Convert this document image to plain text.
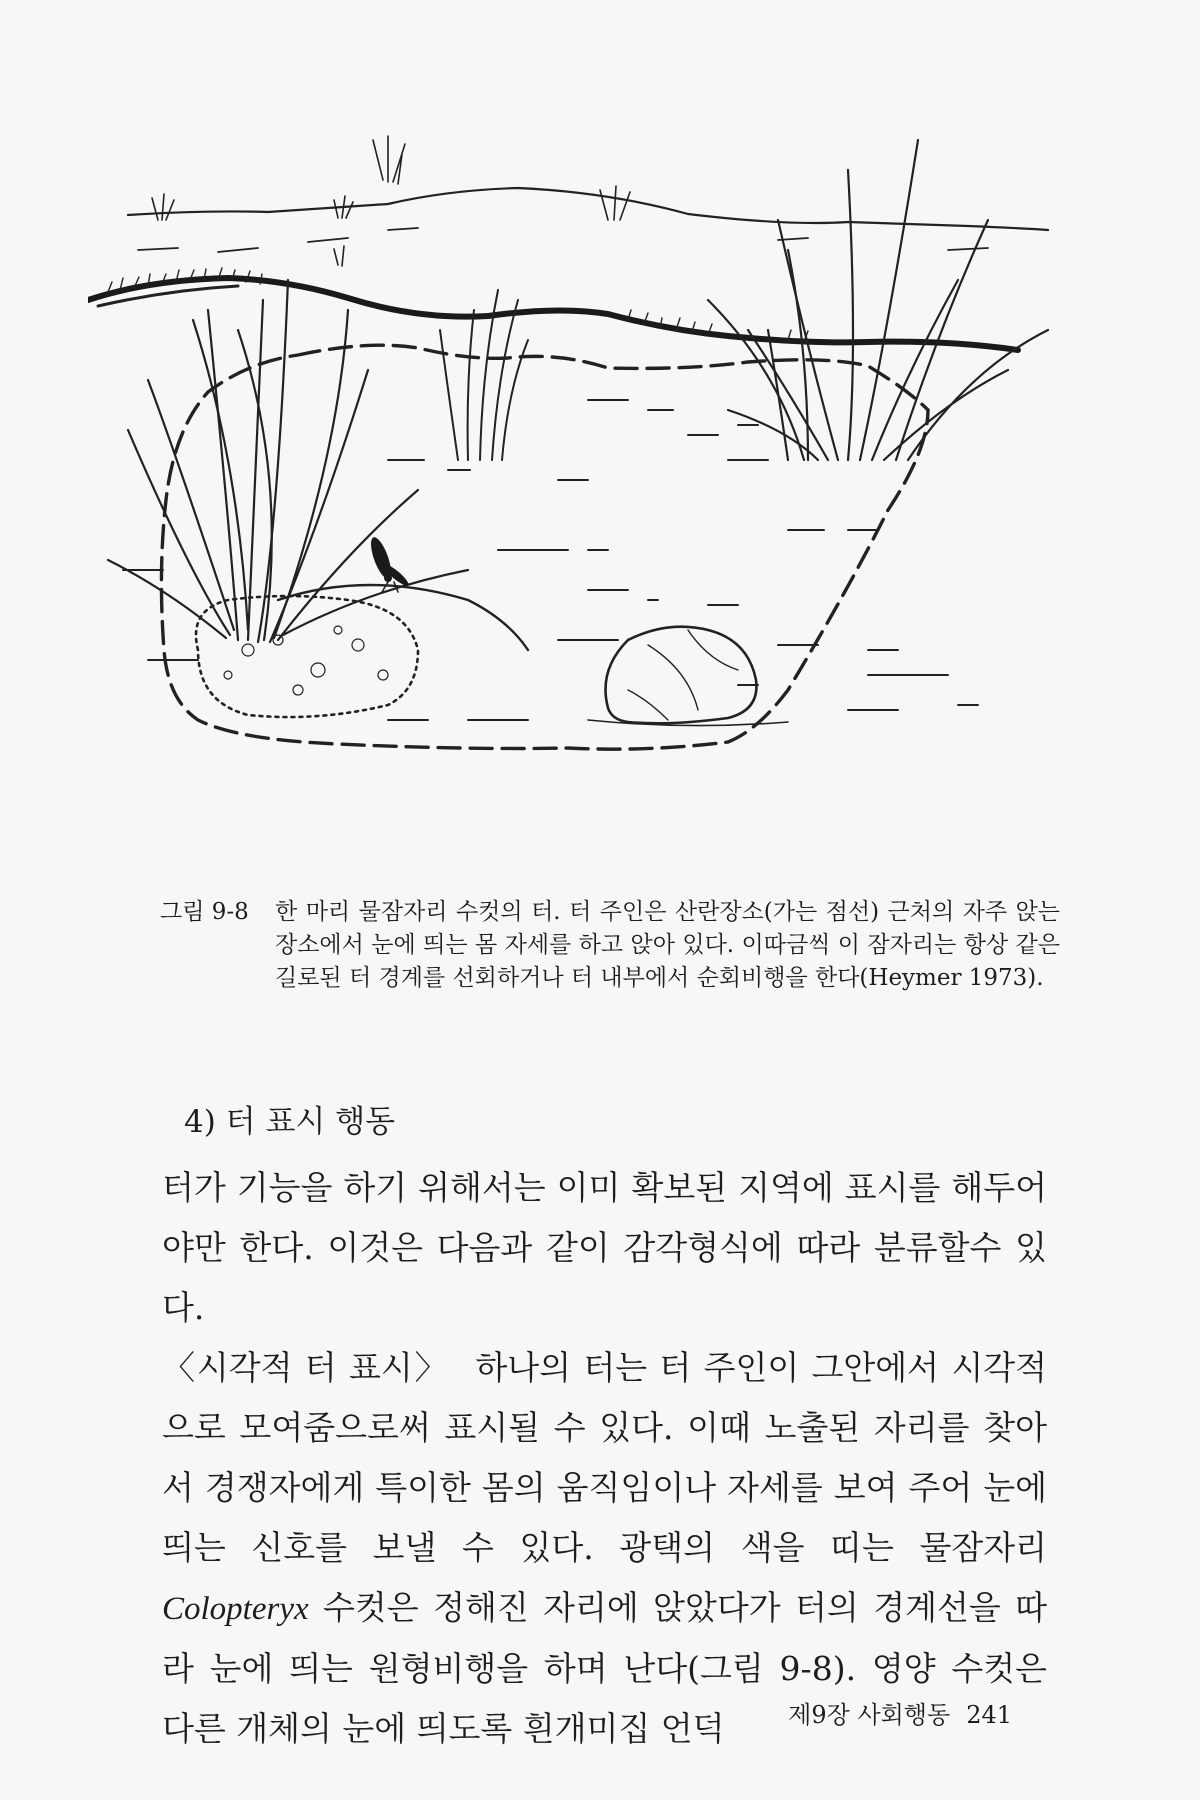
그림 9-8	한 마리 물잠자리 수컷의 터. 터 주인은 산란장소(가는 점선) 근처의 자주 앉는 장소에서 눈에 띄는 몸 자세를 하고 앉아 있다. 이따금씩 이 잠자리는 항상 같은 길로된 터 경계를 선회하거나 터 내부에서 순회비행을 한다(Heymer 1973).
4) 터 표시 행동

터가 기능을 하기 위해서는 이미 확보된 지역에 표시를 해두어야만 한다. 이것은 다음과 같이 감각형식에 따라 분류할수 있다.

〈시각적 터 표시〉 하나의 터는 터 주인이 그안에서 시각적으로 모여줌으로써 표시될 수 있다. 이때 노출된 자리를 찾아서 경쟁자에게 특이한 몸의 움직임이나 자세를 보여 주어 눈에 띄는 신호를 보낼 수 있다. 광택의 색을 띠는 물잠자리 Colopteryx 수컷은 정해진 자리에 앉았다가 터의 경계선을 따라 눈에 띄는 원형비행을 하며 난다(그림 9-8). 영양 수컷은 다른 개체의 눈에 띄도록 흰개미집 언덕	제9장 사회행동 241
